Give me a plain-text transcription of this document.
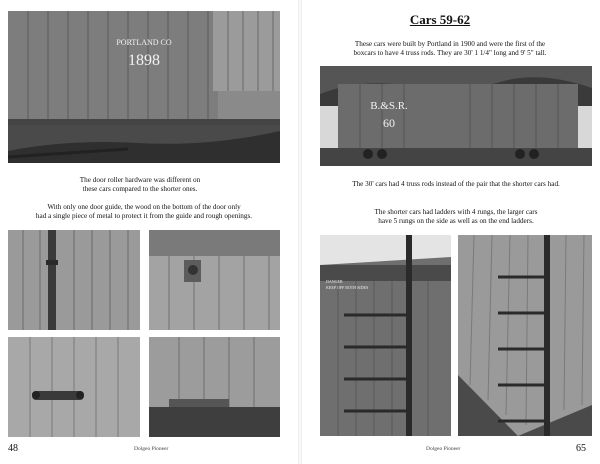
PORTLAND CO
1898
The door roller hardware was different on
these cars compared to the shorter ones.
With only one door guide, the wood on the bottom of the door only
had a single piece of metal to protect it from the guide and rough openings.
48	Dolgeo Pioneer
Cars 59-62
These cars were built by Portland in 1900 and were the first of the
boxcars to have 4 truss rods. They are 30' 1 1/4" long and 9' 5" tall.
B.&S.R.
60
The 30' cars had 4 truss rods instead of the pair that the shorter cars had.
The shorter cars had ladders with 4 rungs, the larger cars
have 5 rungs on the side as well as on the end ladders.
DANGER
KEEP OFF BOTH SIDES
Dolgeo Pioneer	65
